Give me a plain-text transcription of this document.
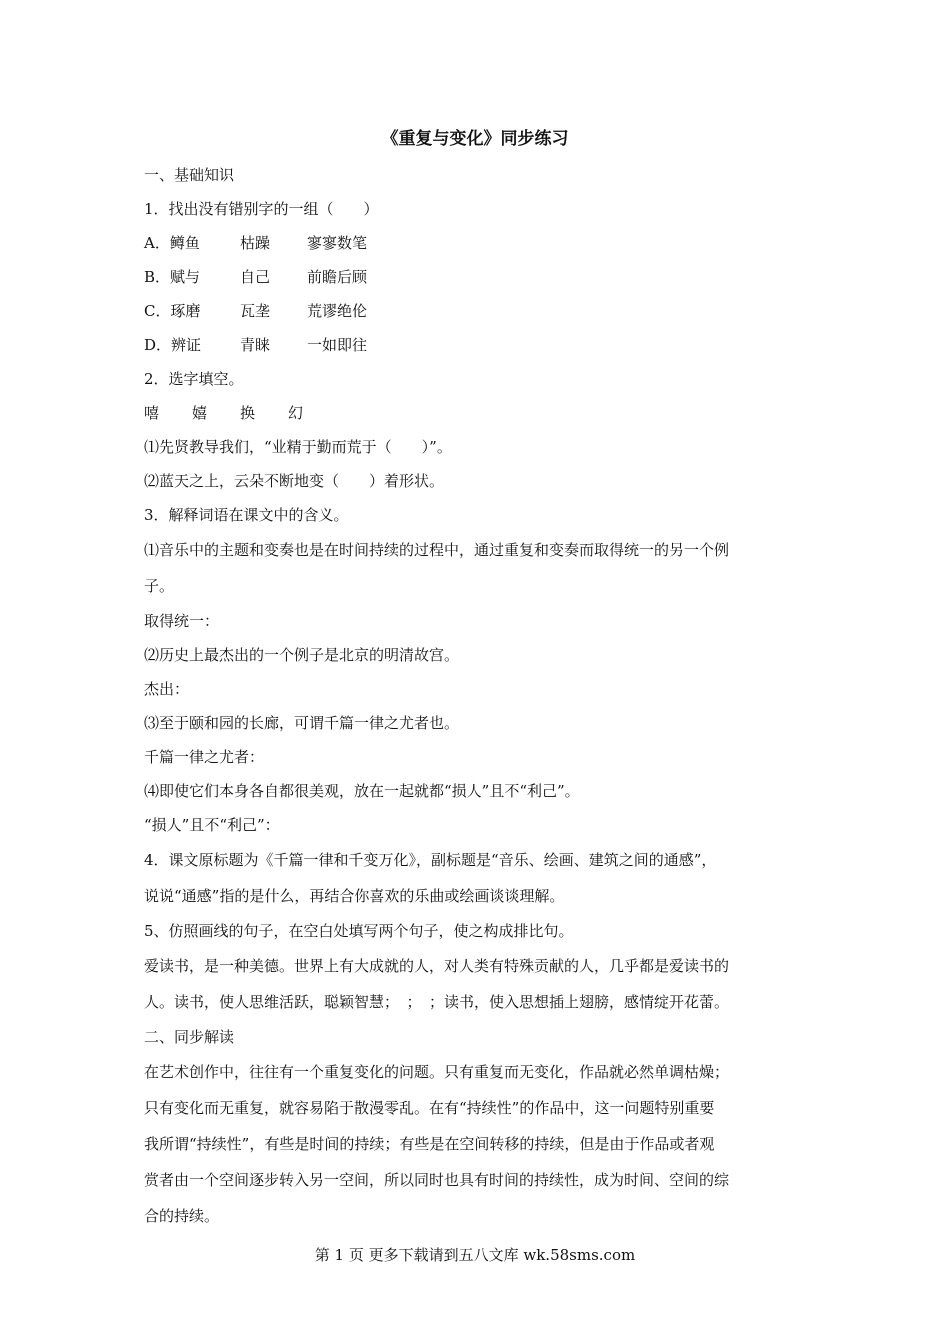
《重复与变化》同步练习
一、基础知识
1．找出没有错别字的一组（　　）
A．鳟鱼	枯躁	寥寥数笔
B．赋与	自己	前瞻后顾
C．琢磨	瓦垄	荒谬绝伦
D．辨证	青睐	一如即往
2．选字填空。
嘻	嬉	换	幻
⑴先贤教导我们，“业精于勤而荒于（　　）”。
⑵蓝天之上，云朵不断地变（　　）着形状。
3．解释词语在课文中的含义。
⑴音乐中的主题和变奏也是在时间持续的过程中，通过重复和变奏而取得统一的另一个例
子。
取得统一：
⑵历史上最杰出的一个例子是北京的明清故宫。
杰出：
⑶至于颐和园的长廊，可谓千篇一律之尤者也。
千篇一律之尤者：
⑷即使它们本身各自都很美观，放在一起就都“损人”且不“利己”。
“损人”且不“利己”：
4．课文原标题为《千篇一律和千变万化》，副标题是“音乐、绘画、建筑之间的通感”，
说说“通感”指的是什么，再结合你喜欢的乐曲或绘画谈谈理解。
5、仿照画线的句子，在空白处填写两个句子，使之构成排比句。
爱读书，是一种美德。世界上有大成就的人，对人类有特殊贡献的人，几乎都是爱读书的
人。读书，使人思维活跃，聪颖智慧；　；　；读书，使入思想插上翅膀，感情绽开花蕾。
二、同步解读
在艺术创作中，往往有一个重复变化的问题。只有重复而无变化，作品就必然单调枯燥；
只有变化而无重复，就容易陷于散漫零乱。在有“持续性”的作品中，这一问题特别重要
我所谓“持续性”，有些是时间的持续；有些是在空间转移的持续，但是由于作品或者观
赏者由一个空间逐步转入另一空间，所以同时也具有时间的持续性，成为时间、空间的综
合的持续。
第 1 页 更多下载请到五八文库 wk.58sms.com
